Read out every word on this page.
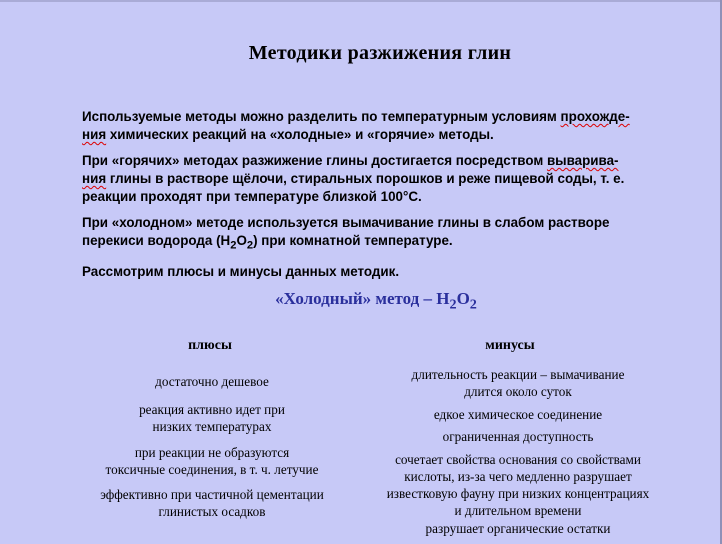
Методики разжижения глин

Используемые методы можно разделить по температурным условиям прохожде-
ния химических реакций на «холодные» и «горячие» методы.

При «горячих» методах разжижение глины достигается посредством выварива-
ния глины в растворе щёлочи, стиральных порошков и реже пищевой соды, т. е.
реакции проходят при температуре близкой 100°С.

При «холодном» методе используется вымачивание глины в слабом растворе
перекиси водорода $(Н_2О_2)$ при комнатной температуре.

Рассмотрим плюсы и минусы данных методик.

«Холодный» метод – $Н_2О_2$
плюсы	минусы
достаточно дешевое
реакция активно идет при
низких температурах
при реакции не образуются
токсичные соединения, в т. ч. летучие
эффективно при частичной цементации
глинистых осадков
длительность реакции – вымачивание
длится около суток
едкое химическое соединение
ограниченная доступность
сочетает свойства основания со свойствами
кислоты, из-за чего медленно разрушает
известковую фауну при низких концентрациях
и длительном времени
разрушает органические остатки
